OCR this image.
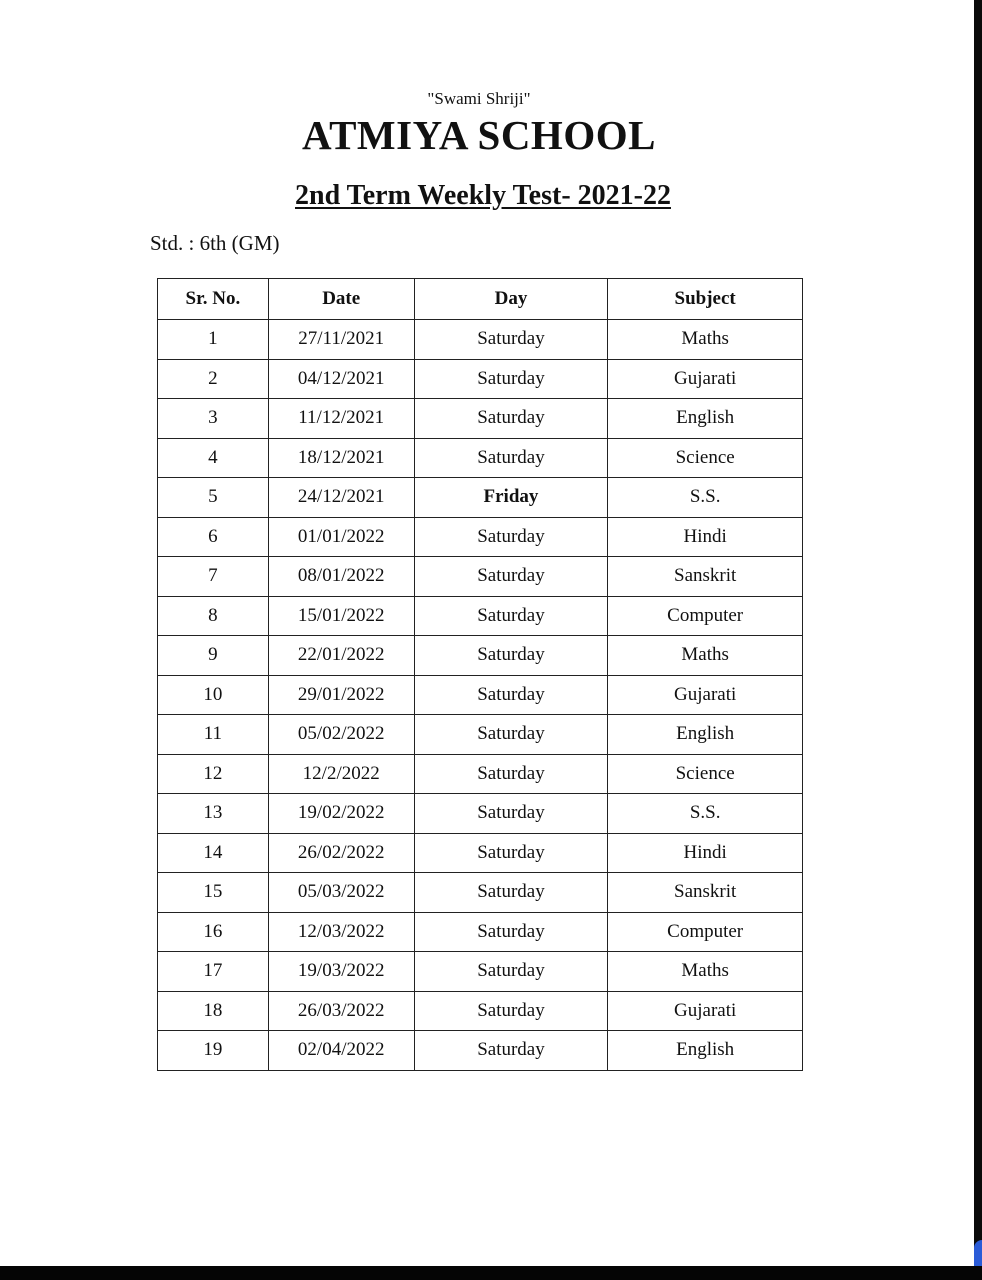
"Swami Shriji"
ATMIYA SCHOOL
2nd Term Weekly Test- 2021-22
Std. : 6th (GM)
Sr. No.	Date	Day	Subject
1	27/11/2021	Saturday	Maths
2	04/12/2021	Saturday	Gujarati
3	11/12/2021	Saturday	English
4	18/12/2021	Saturday	Science
5	24/12/2021	Friday	S.S.
6	01/01/2022	Saturday	Hindi
7	08/01/2022	Saturday	Sanskrit
8	15/01/2022	Saturday	Computer
9	22/01/2022	Saturday	Maths
10	29/01/2022	Saturday	Gujarati
11	05/02/2022	Saturday	English
12	12/2/2022	Saturday	Science
13	19/02/2022	Saturday	S.S.
14	26/02/2022	Saturday	Hindi
15	05/03/2022	Saturday	Sanskrit
16	12/03/2022	Saturday	Computer
17	19/03/2022	Saturday	Maths
18	26/03/2022	Saturday	Gujarati
19	02/04/2022	Saturday	English
